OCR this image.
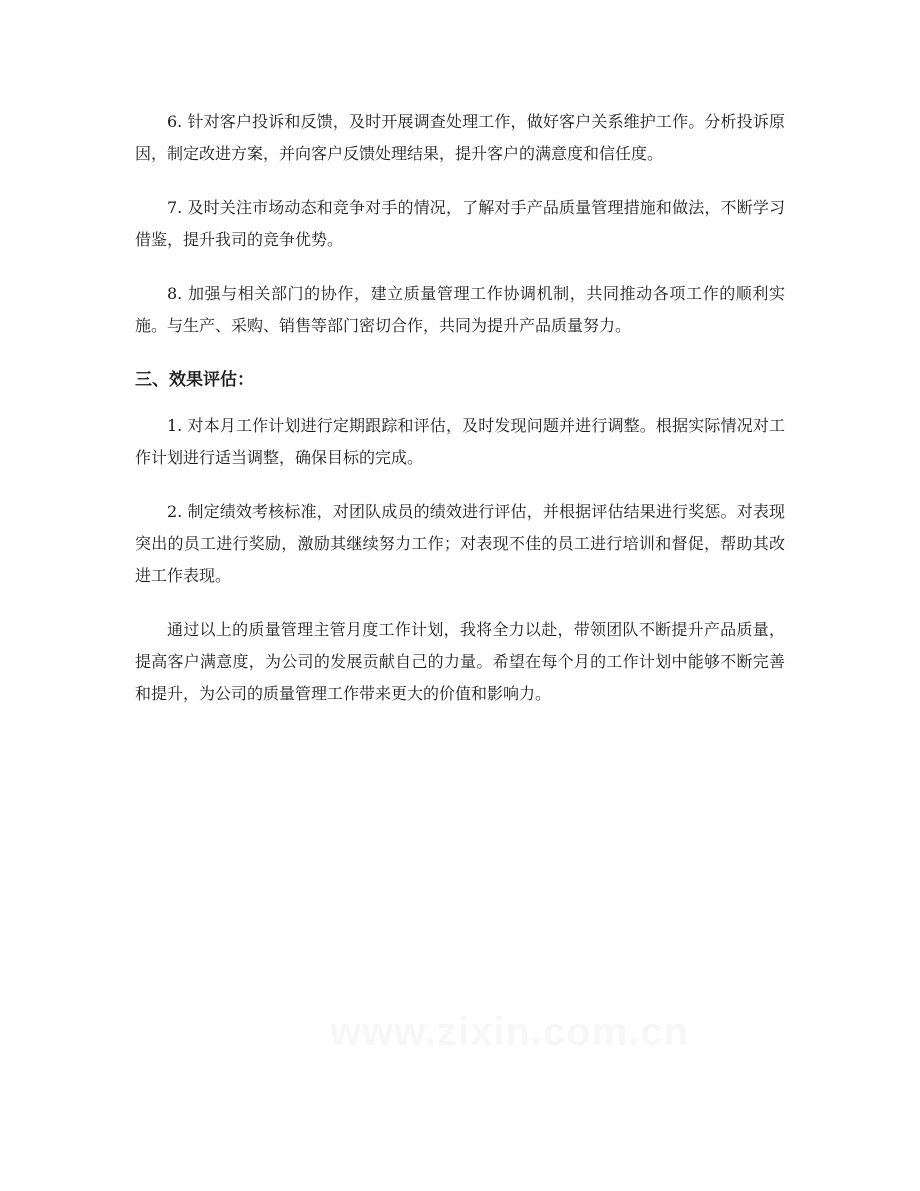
6. 针对客户投诉和反馈，及时开展调查处理工作，做好客户关系维护工作。分析投诉原因，制定改进方案，并向客户反馈处理结果，提升客户的满意度和信任度。

7. 及时关注市场动态和竞争对手的情况，了解对手产品质量管理措施和做法，不断学习借鉴，提升我司的竞争优势。

8. 加强与相关部门的协作，建立质量管理工作协调机制，共同推动各项工作的顺利实施。与生产、采购、销售等部门密切合作，共同为提升产品质量努力。

三、效果评估：

1. 对本月工作计划进行定期跟踪和评估，及时发现问题并进行调整。根据实际情况对工作计划进行适当调整，确保目标的完成。

2. 制定绩效考核标准，对团队成员的绩效进行评估，并根据评估结果进行奖惩。对表现突出的员工进行奖励，激励其继续努力工作；对表现不佳的员工进行培训和督促，帮助其改进工作表现。

通过以上的质量管理主管月度工作计划，我将全力以赴，带领团队不断提升产品质量，提高客户满意度，为公司的发展贡献自己的力量。希望在每个月的工作计划中能够不断完善和提升，为公司的质量管理工作带来更大的价值和影响力。

www.zixin.com.cn
